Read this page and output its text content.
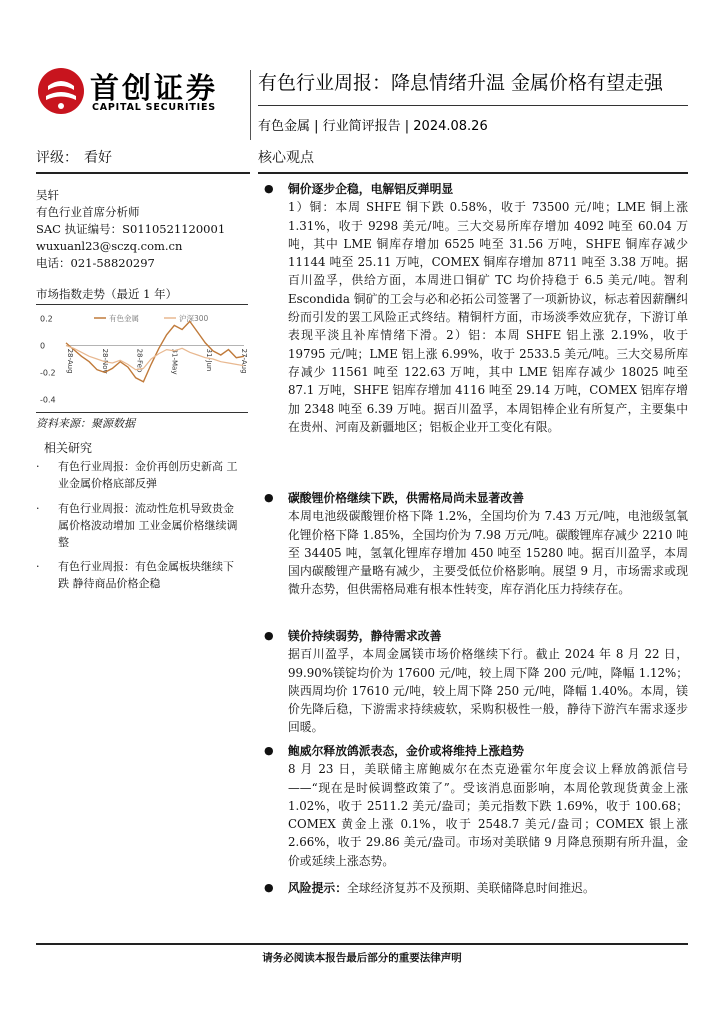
首创证券
CAPITAL SECURITIES
有色行业周报：降息情绪升温 金属价格有望走强
有色金属 | 行业简评报告 | 2024.08.26
评级： 看好	核心观点
吴轩
有色行业首席分析师
SAC 执证编号：S0110521120001
wuxuanl23@sczq.com.cn
电话：021-58820297
市场指数走势（最近 1 年）
0.2
0
-0.2
-0.4
28-Aug	28-Nov	28-Feb	31-May	31-Jun	27-Aug
有色金属	沪深300
资料来源：聚源数据
相关研究
·	有色行业周报：金价再创历史新高 工业金属价格底部反弹
·	有色行业周报：流动性危机导致贵金属价格波动增加 工业金属价格继续调整
·	有色行业周报：有色金属板块继续下跌 静待商品价格企稳
●	铜价逐步企稳，电解铝反弹明显
1）铜：本周 SHFE 铜下跌 0.58%，收于 73500 元/吨；LME 铜上涨 1.31%，收于 9298 美元/吨。三大交易所库存增加 4092 吨至 60.04 万吨，其中 LME 铜库存增加 6525 吨至 31.56 万吨，SHFE 铜库存减少 11144 吨至 25.11 万吨，COMEX 铜库存增加 8711 吨至 3.38 万吨。据百川盈孚，供给方面，本周进口铜矿 TC 均价持稳于 6.5 美元/吨。智利 Escondida 铜矿的工会与必和必拓公司签署了一项新协议，标志着因薪酬纠纷而引发的罢工风险正式终结。精铜杆方面，市场淡季效应犹存，下游订单表现平淡且补库情绪下滑。2）铝：本周 SHFE 铝上涨 2.19%，收于 19795 元/吨；LME 铝上涨 6.99%，收于 2533.5 美元/吨。三大交易所库存减少 11561 吨至 122.63 万吨，其中 LME 铝库存减少 18025 吨至 87.1 万吨，SHFE 铝库存增加 4116 吨至 29.14 万吨，COMEX 铝库存增加 2348 吨至 6.39 万吨。据百川盈孚，本周铝棒企业有所复产，主要集中在贵州、河南及新疆地区；铝板企业开工变化有限。
●	碳酸锂价格继续下跌，供需格局尚未显著改善
本周电池级碳酸锂价格下降 1.2%，全国均价为 7.43 万元/吨，电池级氢氧化锂价格下降 1.85%，全国均价为 7.98 万元/吨。碳酸锂库存减少 2210 吨至 34405 吨，氢氧化锂库存增加 450 吨至 15280 吨。据百川盈孚，本周国内碳酸锂产量略有减少，主要受低位价格影响。展望 9 月，市场需求或现微升态势，但供需格局难有根本性转变，库存消化压力持续存在。
●	镁价持续弱势，静待需求改善
据百川盈孚，本周金属镁市场价格继续下行。截止 2024 年 8 月 22 日，99.90%镁锭均价为 17600 元/吨，较上周下降 200 元/吨，降幅 1.12%；陕西周均价 17610 元/吨，较上周下降 250 元/吨，降幅 1.40%。本周，镁价先降后稳，下游需求持续疲软，采购积极性一般，静待下游汽车需求逐步回暖。
●	鲍威尔释放鸽派表态，金价或将维持上涨趋势
8 月 23 日，美联储主席鲍威尔在杰克逊霍尔年度会议上释放鸽派信号——“现在是时候调整政策了”。受该消息面影响，本周伦敦现货黄金上涨 1.02%，收于 2511.2 美元/盎司；美元指数下跌 1.69%，收于 100.68；COMEX 黄金上涨 0.1%，收于 2548.7 美元/盎司；COMEX 银上涨 2.66%，收于 29.86 美元/盎司。市场对美联储 9 月降息预期有所升温，金价或延续上涨态势。
●	风险提示：全球经济复苏不及预期、美联储降息时间推迟。
请务必阅读本报告最后部分的重要法律声明
